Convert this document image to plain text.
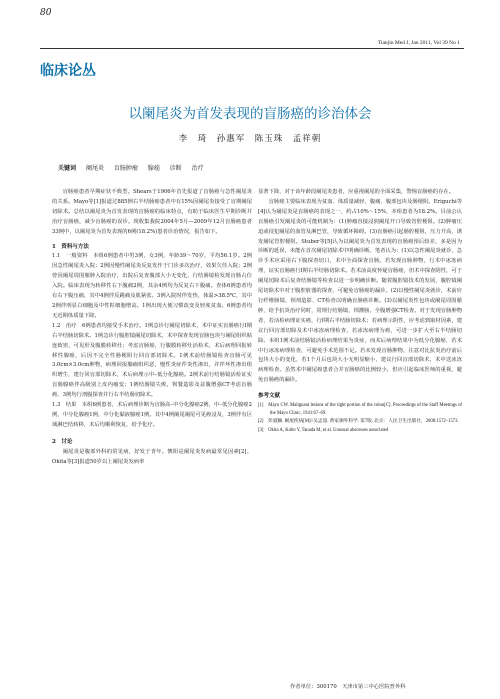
80
Tianjin Med J, Jan 2011, Vol 39 No 1
临床论丛
以阑尾炎为首发表现的盲肠癌的诊治体会
李　琦　孙惠军　陈玉珠　孟祥朝
关键词 阑尾炎 盲肠肿瘤 腺癌 诊断 治疗

盲肠癌患者早期症状不典型。Shears于1906年首先报道了盲肠癌与急性阑尾炎的关系。Mayo等[1]报道过885例右半结肠癌患者中有15%因阑尾炎接受了盲期阑尾切除术。总结以阑尾炎为首发表现的盲肠癌的临床特点，有助于临床医生早期诊断并治疗盲肠癌，减少盲肠癌的误诊。现收集我院2004年5月—2009年12月盲肠癌患者33例中，以阑尾炎为首发表现的6例(18.2%)患者诊治情况，报告如下。

1　资料与方法

1.1　一般资料　本组6例患者中男3例，女3例，年龄39～70岁，平均56.1岁。2例因急性阑尾炎入院；2例因慢性阑尾炎反复发作于门诊多次治疗，效果欠佳入院；2例曾因阑尾周围脓肿入院治疗，出院后复查腹部大小无变化，行结肠镜检发现盲肠占位入院。临床表现为转移性右下腹痛2例，其余4例均为反复右下腹痛。查体6例患者均有右下腹压痛，其中4例伴反跳痛及肌紧张。3例入院时伴发热，体温>38.5℃，其中2例伴明显白细胞及中性粒细胞增高。1例出现大便习惯改变及轻度贫血。6例患者均无近期体质量下降。

1.2　治疗　6例患者均接受手术治疗。1例急诊行阑尾切除术，术中证实盲肠癌行Ⅰ期右半结肠切除术。1例急诊行腹腔镜阑尾切除术，术中探查发现盲肠包块与阑尾组织粘连致密，可见肝及腹膜转移灶；考虑盲肠癌，行腹膜转移灶活检术，术后病理回报转移性腺癌，后因不完全性肠梗阻行回盲部切除术。1例术前结肠镜检查盲肠可见3.0cm×3.0cm肿物，病理回报腺瘤组织恶，慢性炎症件炎性渗出，并伴坏性渗出组织增生，建行回盲部切除术，术后病理示中–低分化腺癌。2例术前行结肠镜活检证实盲肠腺癌伴高级别上皮内瘤变；1例结肠镜失败，钡餐造影及盆腹增强CT考虑盲肠癌，3例均行剖腹探查并行右半结肠切除术。

1.3　结果　本组6例患者，术后病理诊断为盲肠高–中分化腺癌2例，中–低分化腺癌2例，中分化腺癌1例，中分化黏液腺癌1例。其中4例阑尾阑尾可见癌浸及，3例伴有区域淋巴结转移，术后均顺利恢复，给予化疗。

2　讨论

阑尾炎是腹部外科的常见病，好发于青年。懊阻是阑尾炎发病最常见因素[2]。Okita等[3]报道50岁以上阑尾炎发病率

显著下降，对于该年龄段阑尾炎患者，应重视阑尾的全面采集，警惕盲肠癌的存在。

盲肠癌主要临床表现为贫血、体质量减轻、腹痛、腹部包块及肠梗阻。Eriguchi等[4]认为阑尾炎是盲肠癌的表现之一，约占10%～15%，本组患者为18.2%。目前公认盲肠癌引发阑尾炎的可能机制为：(1)肿瘤直接浸润阑尾开口导致管腔梗阻。(2)肿瘤压迫或侵犯阑尾的血管及淋巴管，导致循环障碍。(3)盲肠癌引起肠腔梗阻，压力升高，诱发阑尾管腔梗阻。Stuber等[5]认为以阑尾炎为首发表现的盲肠癌预后较差，多是因为诊断的延误，未能在首次阑尾切除术中明确诊断。笔者认为：(1)以急性阑尾炎就诊，急诊手术应采用右下腹探查切口，术中全面探查盲肠。若发现盲肠肿物，行术中冰冻病理，证实盲肠癌行Ⅰ期右半结肠切除术。若术前高度怀疑盲肠癌，但术中探查阴性，可于阑尾切除术后复查结肠镜等检查以进一步明确诊断。随着腹腔镜技术的发展，腹腔镜阑尾切除术中对于腹腔脏器的探查，可避免盲肠癌的漏诊。(2)以慢性阑尾炎就诊，术前应行纤维肠镜、钡剂造影、CT检查以明确盲肠癌诊断。(3)以阑尾炎性包块或阑尾周围脓肿，给予抗炎治疗同时，常规行结肠镜、钡灌肠、全腹增强CT检查。对于发现盲肠肿物者，若活检病理证实癌，行Ⅰ期右半结肠切除术；若病理示阴性，应考虑到取材因素，建议行回盲部切除及术中冰冻病理检查，若冰冻病理为癌，可进一步扩大至右半结肠切除。本组1例术前结肠镜活检病理结果为炎症，而术后病理结果中为低分化腺癌，若术中行冰冻病理检查，可避免手术范围不足。若未发现盲肠肿物，注意对比抗炎治疗前后包块大小的变化，若1个月后包块大小无明显缩小，建议行回盲部切除术，术中送冰冻病理检查。虽然术中阑尾癌患者合并盲肠癌的比例较小，但应引起临床医师的重视，避免盲肠癌的漏诊。

参考文献
[1]　Mayo CW. Malignant lesions of the right portion of the colon[C]. Proceedings of the Staff Meetings of the Mayo Clinic, 1941:67–69.
[2]　彭淑牖. 阑尾疾病[M]//吴孟超. 黄家驷外科学. 第7版. 北京：人民卫生出版社，2008:1572–1573.
[3]　Okita A, Kubo Y, Tanada M, et al. Unusual abscesses associated
作者单位：300170　天津市第三中心医院普外科
